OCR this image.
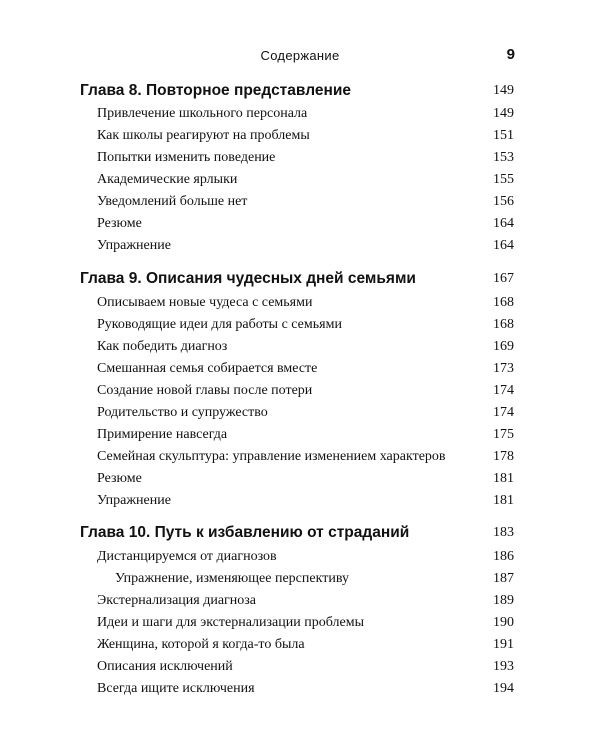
Содержание	9
Глава 8. Повторное представление	149
Привлечение школьного персонала	149
Как школы реагируют на проблемы	151
Попытки изменить поведение	153
Академические ярлыки	155
Уведомлений больше нет	156
Резюме	164
Упражнение	164
Глава 9. Описания чудесных дней семьями	167
Описываем новые чудеса с семьями	168
Руководящие идеи для работы с семьями	168
Как победить диагноз	169
Смешанная семья собирается вместе	173
Создание новой главы после потери	174
Родительство и супружество	174
Примирение навсегда	175
Семейная скульптура: управление изменением характеров	178
Резюме	181
Упражнение	181
Глава 10. Путь к избавлению от страданий	183
Дистанцируемся от диагнозов	186
Упражнение, изменяющее перспективу	187
Экстернализация диагноза	189
Идеи и шаги для экстернализации проблемы	190
Женщина, которой я когда-то была	191
Описания исключений	193
Всегда ищите исключения	194
